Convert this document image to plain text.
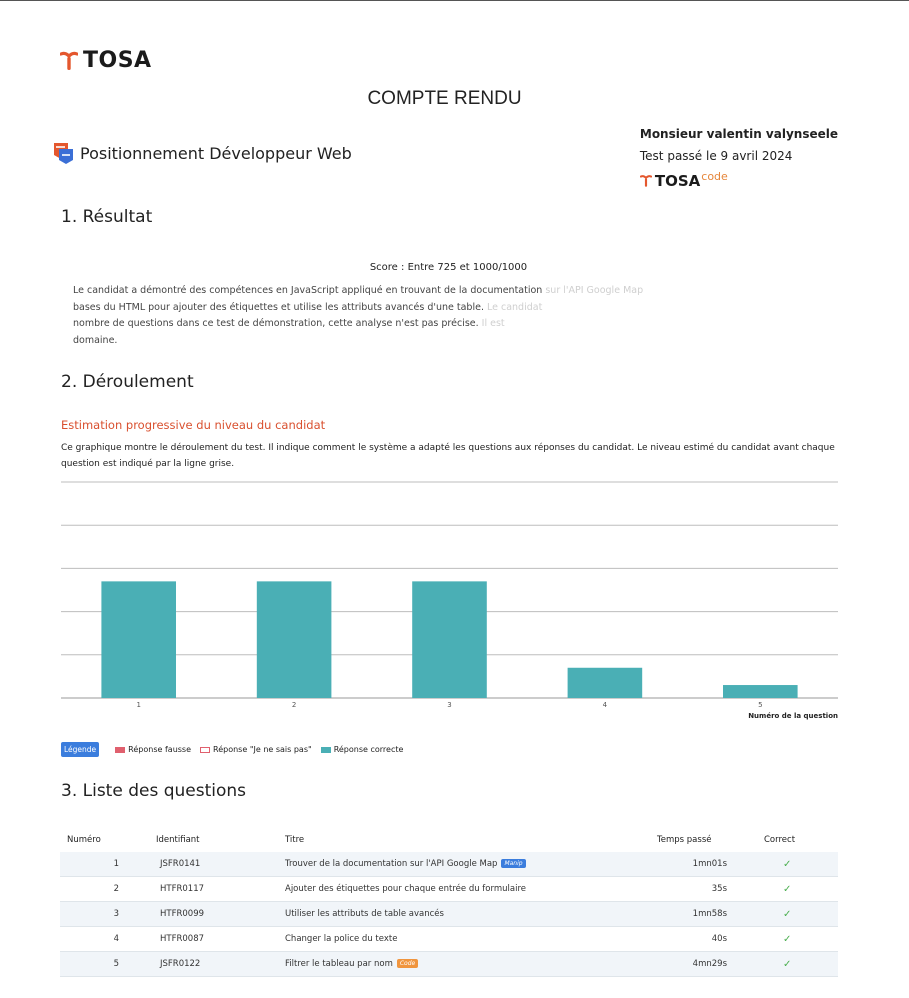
TOSA
COMPTE RENDU
Positionnement Développeur Web
Monsieur valentin valynseele
Test passé le 9 avril 2024
TOSA code
1. Résultat
Score : Entre 725 et 1000/1000
Le candidat a démontré des compétences en JavaScript appliqué en trouvant de la documentation sur l'API Google Map
bases du HTML pour ajouter des étiquettes et utilise les attributs avancés d'une table. Le candidat
nombre de questions dans ce test de démonstration, cette analyse n'est pas précise. Il est
domaine.
2. Déroulement
Estimation progressive du niveau du candidat
Ce graphique montre le déroulement du test. Il indique comment le système a adapté les questions aux réponses du candidat. Le niveau estimé du candidat avant chaque question est indiqué par la ligne grise.
1	2	3	4	5
Numéro de la question
Légende	Réponse fausse	Réponse "Je ne sais pas"	Réponse correcte
3. Liste des questions
Numéro	Identifiant	Titre	Temps passé	Correct
1	JSFR0141	Trouver de la documentation sur l'API Google Map Manip	1mn01s	✓
2	HTFR0117	Ajouter des étiquettes pour chaque entrée du formulaire	35s	✓
3	HTFR0099	Utiliser les attributs de table avancés	1mn58s	✓
4	HTFR0087	Changer la police du texte	40s	✓
5	JSFR0122	Filtrer le tableau par nom Code	4mn29s	✓
